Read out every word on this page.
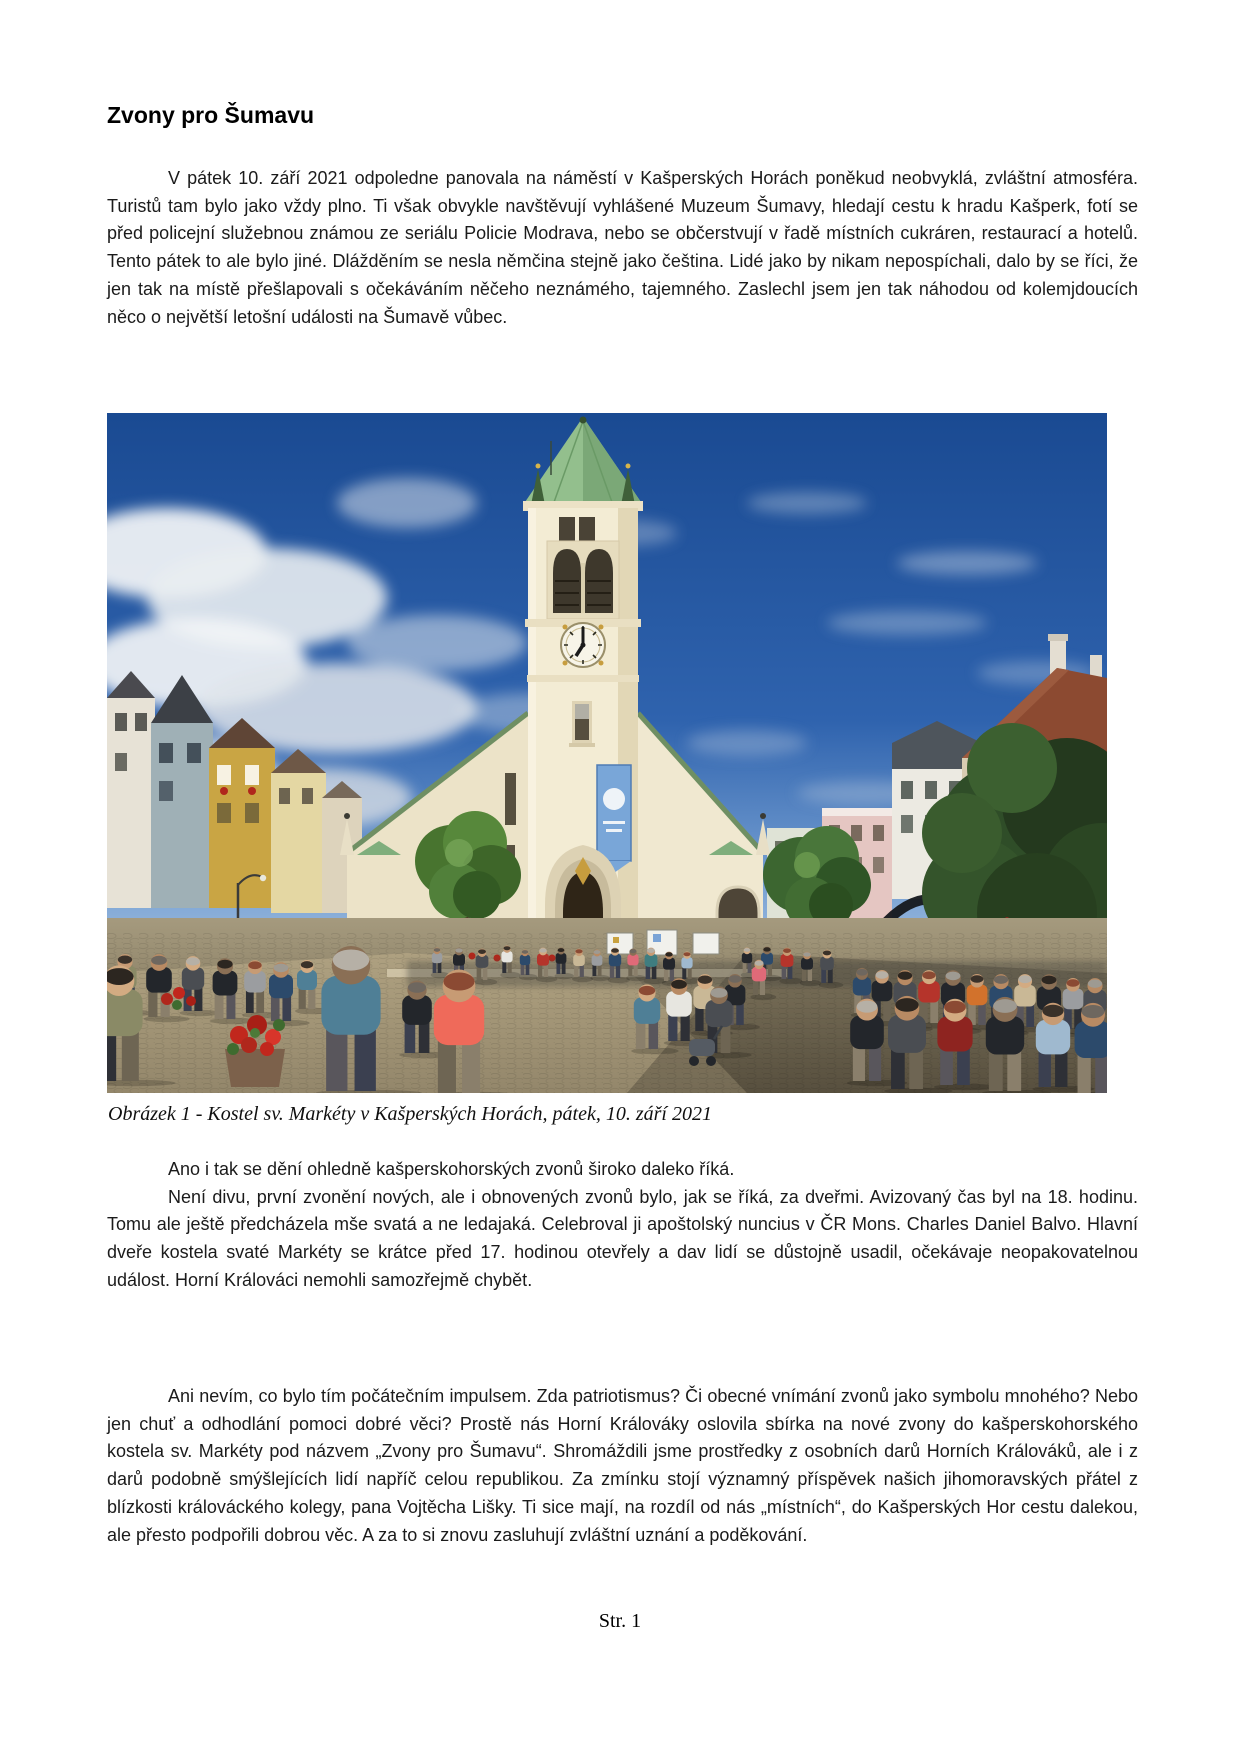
Zvony pro Šumavu

V pátek 10. září 2021 odpoledne panovala na náměstí v Kašperských Horách poněkud neobvyklá, zvláštní atmosféra. Turistů tam bylo jako vždy plno. Ti však obvykle navštěvují vyhlášené Muzeum Šumavy, hledají cestu k hradu Kašperk, fotí se před policejní služebnou známou ze seriálu Policie Modrava, nebo se občerstvují v řadě místních cukráren, restaurací a hotelů. Tento pátek to ale bylo jiné. Dlážděním se nesla němčina stejně jako čeština. Lidé jako by nikam nepospíchali, dalo by se říci, že jen tak na místě přešlapovali s očekáváním něčeho neznámého, tajemného. Zaslechl jsem jen tak náhodou od kolemjdoucích něco o největší letošní události na Šumavě vůbec.

Obrázek 1 - Kostel sv. Markéty v Kašperských Horách, pátek, 10. září 2021

Ano i tak se dění ohledně kašperskohorských zvonů široko daleko říká.

Není divu, první zvonění nových, ale i obnovených zvonů bylo, jak se říká, za dveřmi. Avizovaný čas byl na 18. hodinu. Tomu ale ještě předcházela mše svatá a ne ledajaká. Celebroval ji apoštolský nuncius v ČR Mons. Charles Daniel Balvo. Hlavní dveře kostela svaté Markéty se krátce před 17. hodinou otevřely a dav lidí se důstojně usadil, očekávaje neopakovatelnou událost. Horní Králováci nemohli samozřejmě chybět.

Ani nevím, co bylo tím počátečním impulsem. Zda patriotismus? Či obecné vnímání zvonů jako symbolu mnohého? Nebo jen chuť a odhodlání pomoci dobré věci? Prostě nás Horní Králováky oslovila sbírka na nové zvony do kašperskohorského kostela sv. Markéty pod názvem „Zvony pro Šumavu“. Shromáždili jsme prostředky z osobních darů Horních Králováků, ale i z darů podobně smýšlejících lidí napříč celou republikou. Za zmínku stojí významný příspěvek našich jihomoravských přátel z blízkosti králováckého kolegy, pana Vojtěcha Lišky. Ti sice mají, na rozdíl od nás „místních“, do Kašperských Hor cestu dalekou, ale přesto podpořili dobrou věc. A za to si znovu zasluhují zvláštní uznání a poděkování.

Str. 1
